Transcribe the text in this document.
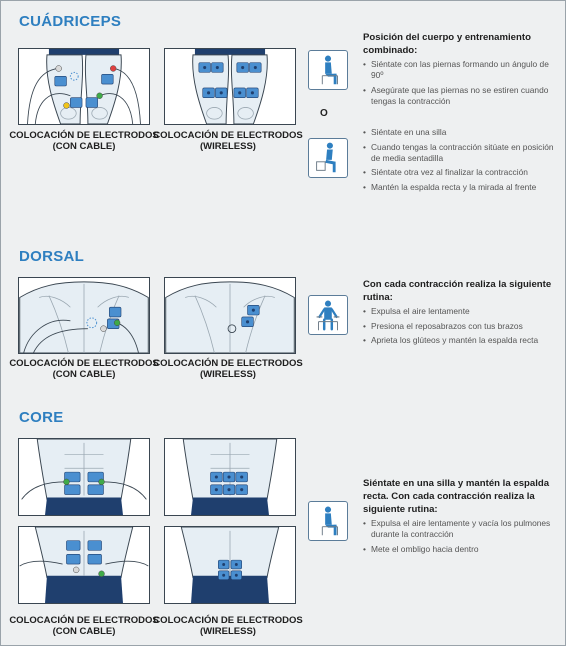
CUÁDRICEPS
COLOCACIÓN DE ELECTRODOS
(CON CABLE)
COLOCACIÓN DE ELECTRODOS
(WIRELESS)
O
Posición del cuerpo y entrenamiento combinado:
• Siéntate con las piernas formando un ángulo de 90º
• Asegúrate que las piernas no se estiren cuando tengas la contracción
• Siéntate en una silla
• Cuando tengas la contracción sitúate en posición de media sentadilla
• Siéntate otra vez al finalizar la contracción
• Mantén la espalda recta y la mirada al frente
DORSAL
COLOCACIÓN DE ELECTRODOS
(CON CABLE)
COLOCACIÓN DE ELECTRODOS
(WIRELESS)
Con cada contracción realiza la siguiente rutina:
• Expulsa el aire lentamente
• Presiona el reposabrazos con tus brazos
• Aprieta los glúteos y mantén la espalda recta
CORE
COLOCACIÓN DE ELECTRODOS
(CON CABLE)
COLOCACIÓN DE ELECTRODOS
(WIRELESS)
Siéntate en una silla y mantén la espalda recta. Con cada contracción realiza la siguiente rutina:
• Expulsa el aire lentamente y vacía los pulmones durante la contracción
• Mete el ombligo hacia dentro
